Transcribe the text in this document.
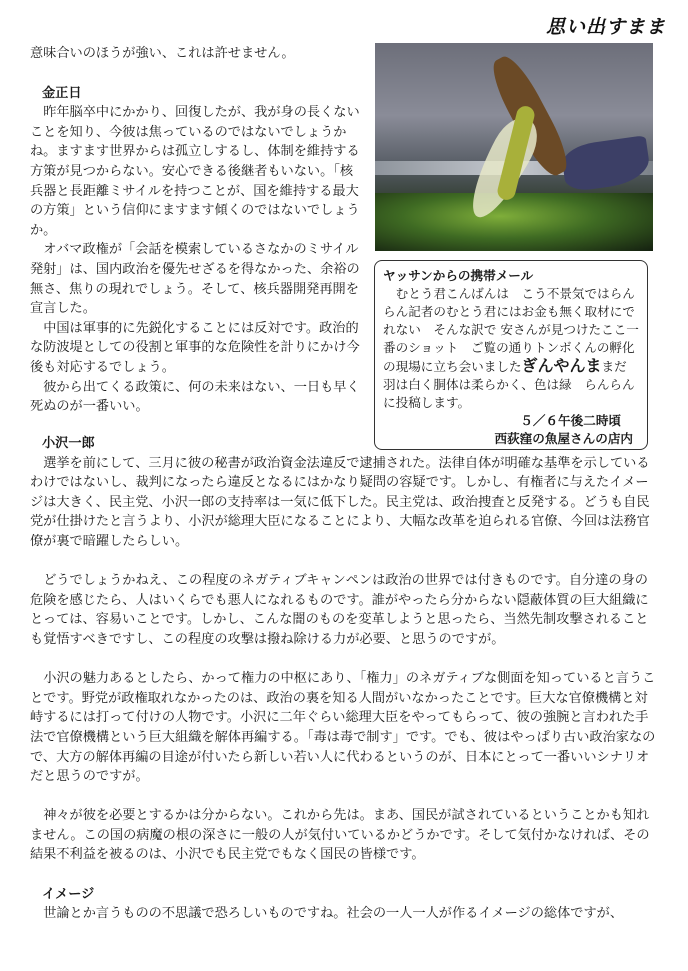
思い出すまま

意味合いのほうが強い、これは許せません。

金正日

昨年脳卒中にかかり、回復したが、我が身の長くないことを知り、今彼は焦っているのではないでしょうかね。ますます世界からは孤立しするし、体制を維持する方策が見つからない。安心できる後継者もいない。「核兵器と長距離ミサイルを持つことが、国を維持する最大の方策」という信仰にますます傾くのではないでしょうか。

オバマ政権が「会話を模索しているさなかのミサイル発射」は、国内政治を優先せざるを得なかった、余裕の無さ、焦りの現れでしょう。そして、核兵器開発再開を宣言した。

中国は軍事的に先鋭化することには反対です。政治的な防波堤としての役割と軍事的な危険性を計りにかけ今後も対応するでしょう。

彼から出てくる政策に、何の未来はない、一日も早く死ぬのが一番いい。

ヤッサンからの携帯メール

むとう君こんばんは　こう不景気ではらんらん記者のむとう君にはお金も無く取材にでれない　そんな訳で 安さんが見つけたここ一番のショット　ご覧の通りトンボくんの孵化の現場に立ち会いましたぎんやんままだ羽は白く胴体は柔らかく、色は緑　らんらんに投稿します。

５／６午後二時頃

西荻窪の魚屋さんの店内

小沢一郎

選挙を前にして、三月に彼の秘書が政治資金法違反で逮捕された。法律自体が明確な基準を示しているわけではないし、裁判になったら違反となるにはかなり疑問の容疑です。しかし、有権者に与えたイメージは大きく、民主党、小沢一郎の支持率は一気に低下した。民主党は、政治捜査と反発する。どうも自民党が仕掛けたと言うより、小沢が総理大臣になることにより、大幅な改革を迫られる官僚、今回は法務官僚が裏で暗躍したらしい。

どうでしょうかねえ、この程度のネガティブキャンペンは政治の世界では付きものです。自分達の身の危険を感じたら、人はいくらでも悪人になれるものです。誰がやったら分からない隠蔽体質の巨大組織にとっては、容易いことです。しかし、こんな闇のものを変革しようと思ったら、当然先制攻撃されることも覚悟すべきですし、この程度の攻撃は撥ね除ける力が必要、と思うのですが。

小沢の魅力あるとしたら、かって権力の中枢にあり、「権力」のネガティブな側面を知っていると言うことです。野党が政権取れなかったのは、政治の裏を知る人間がいなかったことです。巨大な官僚機構と対峙するには打って付けの人物です。小沢に二年ぐらい総理大臣をやってもらって、彼の強腕と言われた手法で官僚機構という巨大組織を解体再編する。「毒は毒で制す」です。でも、彼はやっぱり古い政治家なので、大方の解体再編の目途が付いたら新しい若い人に代わるというのが、日本にとって一番いいシナリオだと思うのですが。

神々が彼を必要とするかは分からない。これから先は。まあ、国民が試されているということかも知れません。この国の病魔の根の深さに一般の人が気付いているかどうかです。そして気付かなければ、その結果不利益を被るのは、小沢でも民主党でもなく国民の皆様です。

イメージ

世論とか言うものの不思議で恐ろしいものですね。社会の一人一人が作るイメージの総体ですが、
